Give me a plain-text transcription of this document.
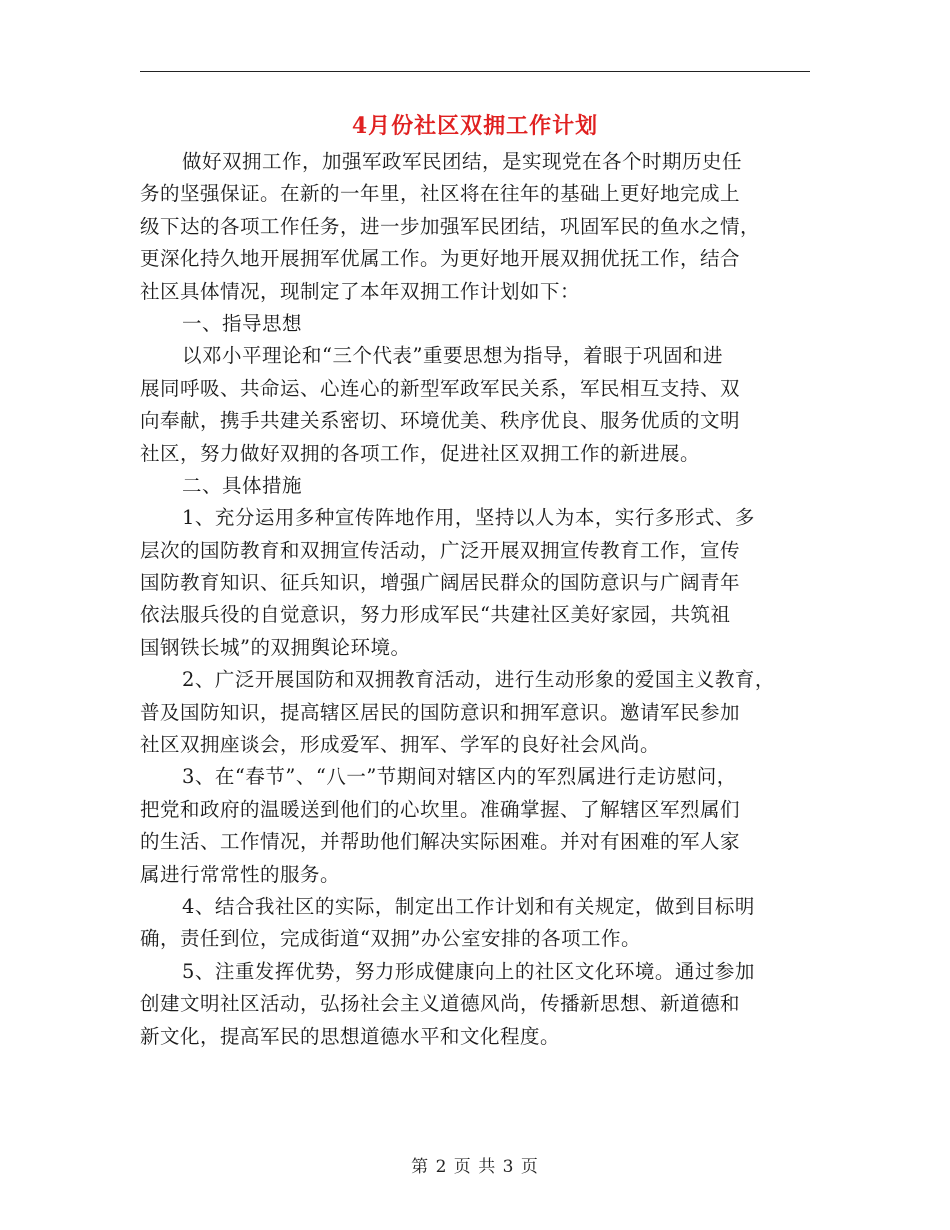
4月份社区双拥工作计划
做好双拥工作，加强军政军民团结，是实现党在各个时期历史任
务的坚强保证。在新的一年里，社区将在往年的基础上更好地完成上
级下达的各项工作任务，进一步加强军民团结，巩固军民的鱼水之情，
更深化持久地开展拥军优属工作。为更好地开展双拥优抚工作，结合
社区具体情况，现制定了本年双拥工作计划如下：
一、指导思想
以邓小平理论和“三个代表”重要思想为指导，着眼于巩固和进
展同呼吸、共命运、心连心的新型军政军民关系，军民相互支持、双
向奉献，携手共建关系密切、环境优美、秩序优良、服务优质的文明
社区，努力做好双拥的各项工作，促进社区双拥工作的新进展。
二、具体措施
1、充分运用多种宣传阵地作用，坚持以人为本，实行多形式、多
层次的国防教育和双拥宣传活动，广泛开展双拥宣传教育工作，宣传
国防教育知识、征兵知识，增强广阔居民群众的国防意识与广阔青年
依法服兵役的自觉意识，努力形成军民“共建社区美好家园，共筑祖
国钢铁长城”的双拥舆论环境。
2、广泛开展国防和双拥教育活动，进行生动形象的爱国主义教育，
普及国防知识，提高辖区居民的国防意识和拥军意识。邀请军民参加
社区双拥座谈会，形成爱军、拥军、学军的良好社会风尚。
3、在“春节”、“八一”节期间对辖区内的军烈属进行走访慰问，
把党和政府的温暖送到他们的心坎里。准确掌握、了解辖区军烈属们
的生活、工作情况，并帮助他们解决实际困难。并对有困难的军人家
属进行常常性的服务。
4、结合我社区的实际，制定出工作计划和有关规定，做到目标明
确，责任到位，完成街道“双拥”办公室安排的各项工作。
5、注重发挥优势，努力形成健康向上的社区文化环境。通过参加
创建文明社区活动，弘扬社会主义道德风尚，传播新思想、新道德和
新文化，提高军民的思想道德水平和文化程度。
第 2 页 共 3 页
